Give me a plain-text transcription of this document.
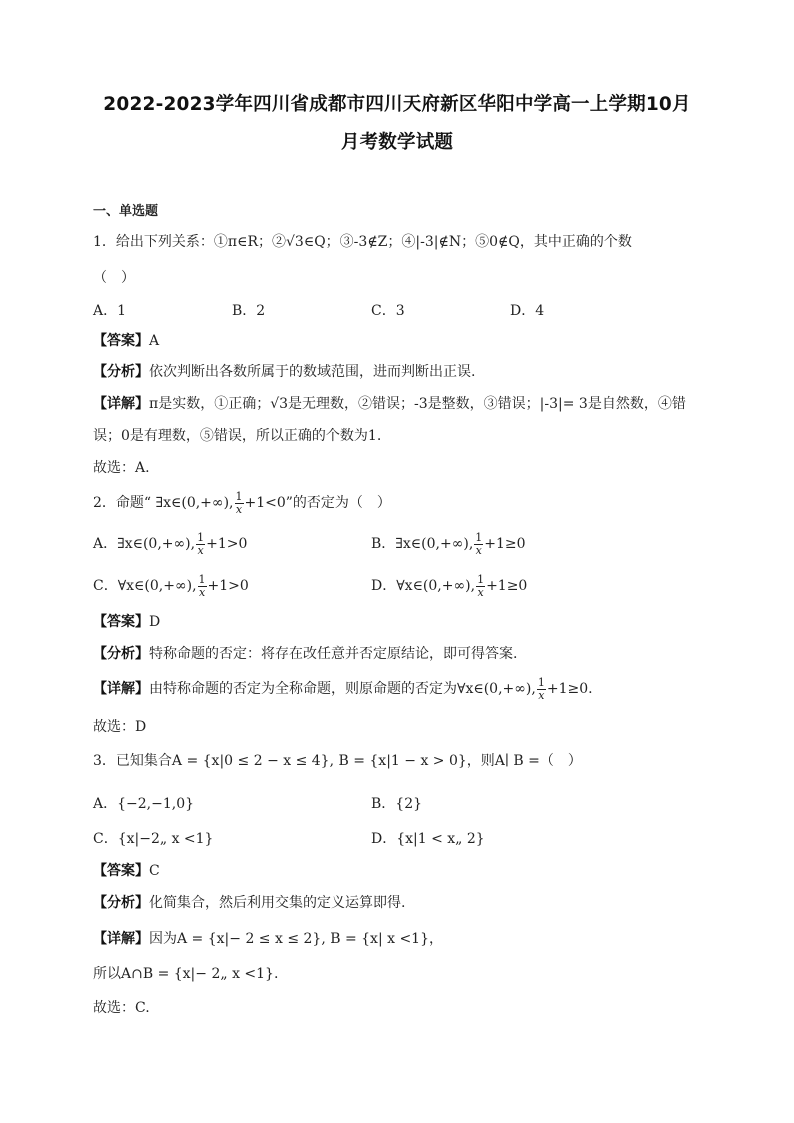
2022-2023学年四川省成都市四川天府新区华阳中学高一上学期10月
月考数学试题
一、单选题
1．给出下列关系：①π∈R；②√3∈Q；③-3∉Z；④|-3|∉N；⑤0∉Q，其中正确的个数
（　）
A．1	B．2	C．3	D．4
【答案】A
【分析】依次判断出各数所属于的数域范围，进而判断出正误.
【详解】π是实数，①正确；√3是无理数，②错误；-3是整数，③错误；|-3|= 3是自然数，④错
误；0是有理数，⑤错误，所以正确的个数为1.
故选：A.
2．命题“ ∃x∈(0,+∞), $\frac{1}{x} +1<0$”的否定为（　）
A．∃x∈(0,+∞), $\frac{1}{x} +1>0$	B．∃x∈(0,+∞), $\frac{1}{x} +1\ge 0$
C．∀x∈(0,+∞), $\frac{1}{x} +1>0$	D．∀x∈(0,+∞), $\frac{1}{x} +1\ge 0$
【答案】D
【分析】特称命题的否定：将存在改任意并否定原结论，即可得答案.
【详解】由特称命题的否定为全称命题，则原命题的否定为∀x∈(0,+∞), $\frac{1}{x} +1\ge 0$.
故选：D
3．已知集合A = {x|0 ≤ 2 − x ≤ 4}, B = {x|1 − x > 0}，则A∣ B =（　）
A．{−2,−1,0}	B．{2}
C．{x|−2„ x <1}	D．{x|1 < x„ 2}
【答案】C
【分析】化简集合，然后利用交集的定义运算即得.
【详解】因为A = {x|− 2 ≤ x ≤ 2}, B = {x| x <1}，
所以A∩B = {x|− 2„ x <1}.
故选：C.
